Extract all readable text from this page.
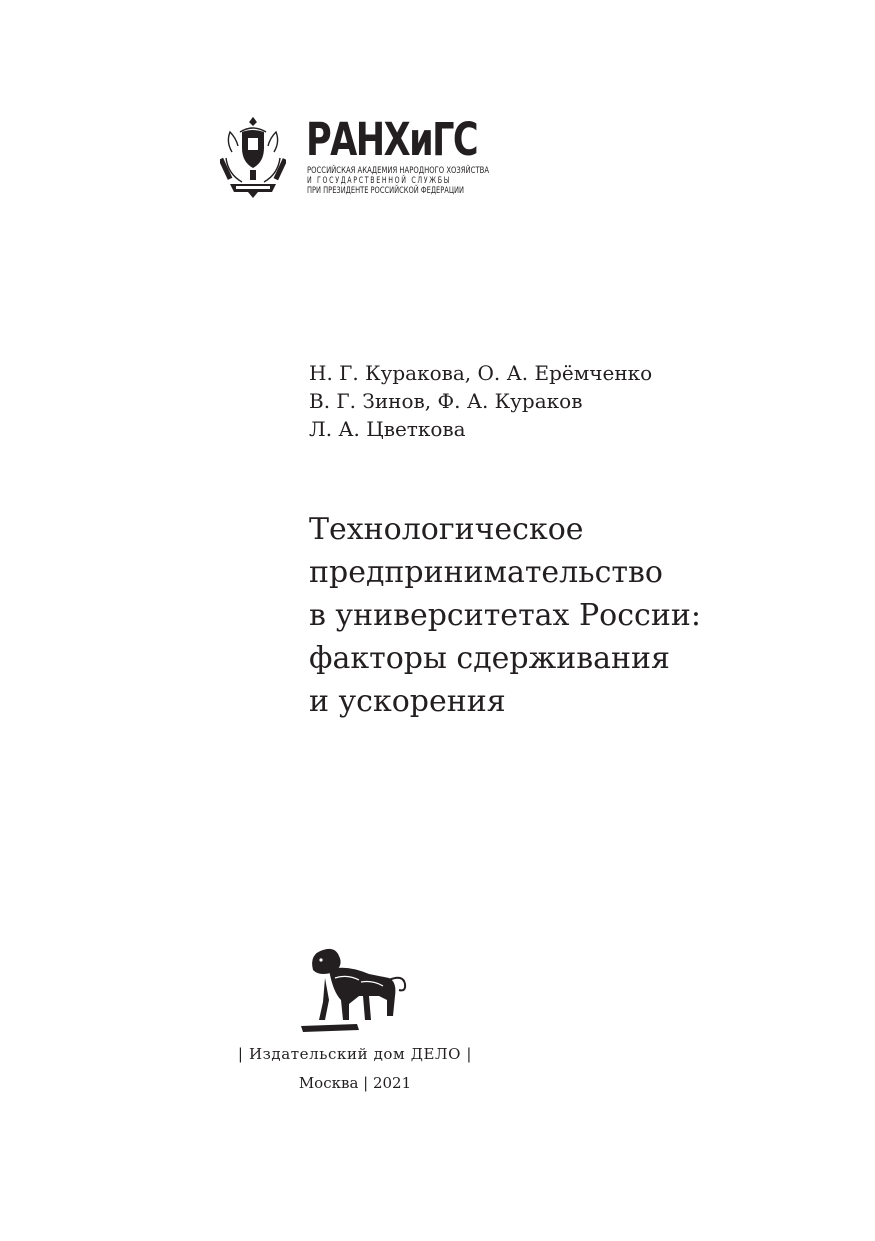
РАНХиГС
РОССИЙСКАЯ АКАДЕМИЯ НАРОДНОГО ХОЗЯЙСТВА
И ГОСУДАРСТВЕННОЙ СЛУЖБЫ
ПРИ ПРЕЗИДЕНТЕ РОССИЙСКОЙ ФЕДЕРАЦИИ
Н. Г. Куракова, О. А. Ерёмченко
В. Г. Зинов, Ф. А. Кураков
Л. А. Цветкова
Технологическое
предпринимательство
в университетах России:
факторы сдерживания
и ускорения
| Издательский дом ДЕЛО |
Москва | 2021
